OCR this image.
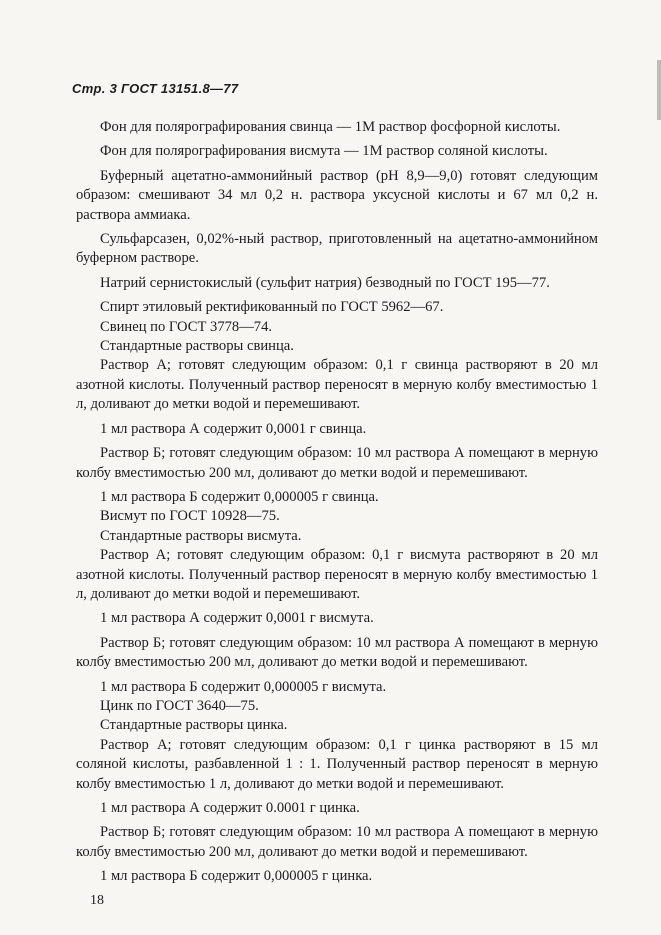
Стр. 3 ГОСТ 13151.8—77

Фон для полярографирования свинца — 1М раствор фосфорной кислоты.

Фон для полярографирования висмута — 1М раствор соляной кислоты.

Буферный ацетатно-аммонийный раствор (рН 8,9—9,0) готовят следующим образом: смешивают 34 мл 0,2 н. раствора уксусной кислоты и 67 мл 0,2 н. раствора аммиака.

Сульфарсазен, 0,02%-ный раствор, приготовленный на ацетатно-аммонийном буферном растворе.

Натрий сернистокислый (сульфит натрия) безводный по ГОСТ 195—77.

Спирт этиловый ректификованный по ГОСТ 5962—67.

Свинец по ГОСТ 3778—74.

Стандартные растворы свинца.

Раствор А; готовят следующим образом: 0,1 г свинца растворяют в 20 мл азотной кислоты. Полученный раствор переносят в мерную колбу вместимостью 1 л, доливают до метки водой и перемешивают.

1 мл раствора А содержит 0,0001 г свинца.

Раствор Б; готовят следующим образом: 10 мл раствора А помещают в мерную колбу вместимостью 200 мл, доливают до метки водой и перемешивают.

1 мл раствора Б содержит 0,000005 г свинца.

Висмут по ГОСТ 10928—75.

Стандартные растворы висмута.

Раствор А; готовят следующим образом: 0,1 г висмута растворяют в 20 мл азотной кислоты. Полученный раствор переносят в мерную колбу вместимостью 1 л, доливают до метки водой и перемешивают.

1 мл раствора А содержит 0,0001 г висмута.

Раствор Б; готовят следующим образом: 10 мл раствора А помещают в мерную колбу вместимостью 200 мл, доливают до метки водой и перемешивают.

1 мл раствора Б содержит 0,000005 г висмута.

Цинк по ГОСТ 3640—75.

Стандартные растворы цинка.

Раствор А; готовят следующим образом: 0,1 г цинка растворяют в 15 мл соляной кислоты, разбавленной 1 : 1. Полученный раствор переносят в мерную колбу вместимостью 1 л, доливают до метки водой и перемешивают.

1 мл раствора А содержит 0.0001 г цинка.

Раствор Б; готовят следующим образом: 10 мл раствора А помещают в мерную колбу вместимостью 200 мл, доливают до метки водой и перемешивают.

1 мл раствора Б содержит 0,000005 г цинка.

18
